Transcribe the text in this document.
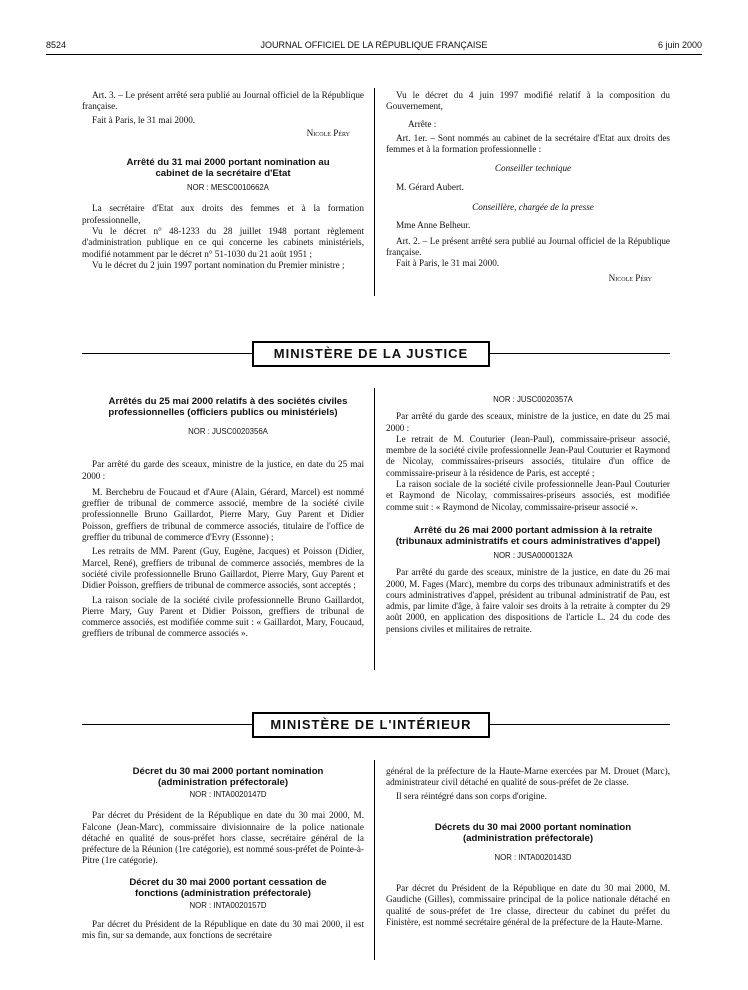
8524	JOURNAL OFFICIEL DE LA RÉPUBLIQUE FRANÇAISE	6 juin 2000

Art. 3. – Le présent arrêté sera publié au Journal officiel de la République française.

Fait à Paris, le 31 mai 2000.

Nicole Péry

Arrêté du 31 mai 2000 portant nomination au cabinet de la secrétaire d'Etat

NOR : MESC0010662A

La secrétaire d'Etat aux droits des femmes et à la formation professionnelle,

Vu le décret n° 48-1233 du 28 juillet 1948 portant règlement d'administration publique en ce qui concerne les cabinets ministériels, modifié notamment par le décret n° 51-1030 du 21 août 1951 ;

Vu le décret du 2 juin 1997 portant nomination du Premier ministre ;

Vu le décret du 4 juin 1997 modifié relatif à la composition du Gouvernement,

Arrête :

Art. 1er. – Sont nommés au cabinet de la secrétaire d'Etat aux droits des femmes et à la formation professionnelle :

Conseiller technique

M. Gérard Aubert.

Conseillère, chargée de la presse

Mme Anne Belheur.

Art. 2. – Le présent arrêté sera publié au Journal officiel de la République française.

Fait à Paris, le 31 mai 2000.

Nicole Péry

MINISTÈRE DE LA JUSTICE

Arrêtés du 25 mai 2000 relatifs à des sociétés civiles professionnelles (officiers publics ou ministériels)

NOR : JUSC0020356A

Par arrêté du garde des sceaux, ministre de la justice, en date du 25 mai 2000 :

M. Berchebru de Foucaud et d'Aure (Alain, Gérard, Marcel) est nommé greffier de tribunal de commerce associé, membre de la société civile professionnelle Bruno Gaillardot, Pierre Mary, Guy Parent et Didier Poisson, greffiers de tribunal de commerce associés, titulaire de l'office de greffier du tribunal de commerce d'Evry (Essonne) ;

Les retraits de MM. Parent (Guy, Eugène, Jacques) et Poisson (Didier, Marcel, René), greffiers de tribunal de commerce associés, membres de la société civile professionnelle Bruno Gaillardot, Pierre Mary, Guy Parent et Didier Poisson, greffiers de tribunal de commerce associés, sont acceptés ;

La raison sociale de la société civile professionnelle Bruno Gaillardot, Pierre Mary, Guy Parent et Didier Poisson, greffiers de tribunal de commerce associés, est modifiée comme suit : « Gaillardot, Mary, Foucaud, greffiers de tribunal de commerce associés ».

NOR : JUSC0020357A

Par arrêté du garde des sceaux, ministre de la justice, en date du 25 mai 2000 :

Le retrait de M. Couturier (Jean-Paul), commissaire-priseur associé, membre de la société civile professionnelle Jean-Paul Couturier et Raymond de Nicolay, commissaires-priseurs associés, titulaire d'un office de commissaire-priseur à la résidence de Paris, est accepté ;

La raison sociale de la société civile professionnelle Jean-Paul Couturier et Raymond de Nicolay, commissaires-priseurs associés, est modifiée comme suit : « Raymond de Nicolay, commissaire-priseur associé ».

Arrêté du 26 mai 2000 portant admission à la retraite (tribunaux administratifs et cours administratives d'appel)

NOR : JUSA0000132A

Par arrêté du garde des sceaux, ministre de la justice, en date du 26 mai 2000, M. Fages (Marc), membre du corps des tribunaux administratifs et des cours administratives d'appel, président au tribunal administratif de Pau, est admis, par limite d'âge, à faire valoir ses droits à la retraite à compter du 29 août 2000, en application des dispositions de l'article L. 24 du code des pensions civiles et militaires de retraite.

MINISTÈRE DE L'INTÉRIEUR

Décret du 30 mai 2000 portant nomination (administration préfectorale)

NOR : INTA0020147D

Par décret du Président de la République en date du 30 mai 2000, M. Falcone (Jean-Marc), commissaire divisionnaire de la police nationale détaché en qualité de sous-préfet hors classe, secrétaire général de la préfecture de la Réunion (1re catégorie), est nommé sous-préfet de Pointe-à-Pitre (1re catégorie).

Décret du 30 mai 2000 portant cessation de fonctions (administration préfectorale)

NOR : INTA0020157D

Par décret du Président de la République en date du 30 mai 2000, il est mis fin, sur sa demande, aux fonctions de secrétaire

général de la préfecture de la Haute-Marne exercées par M. Drouet (Marc), administrateur civil détaché en qualité de sous-préfet de 2e classe.

Il sera réintégré dans son corps d'origine.

Décrets du 30 mai 2000 portant nomination (administration préfectorale)

NOR : INTA0020143D

Par décret du Président de la République en date du 30 mai 2000, M. Gaudiche (Gilles), commissaire principal de la police nationale détaché en qualité de sous-préfet de 1re classe, directeur du cabinet du préfet du Finistère, est nommé secrétaire général de la préfecture de la Haute-Marne.
